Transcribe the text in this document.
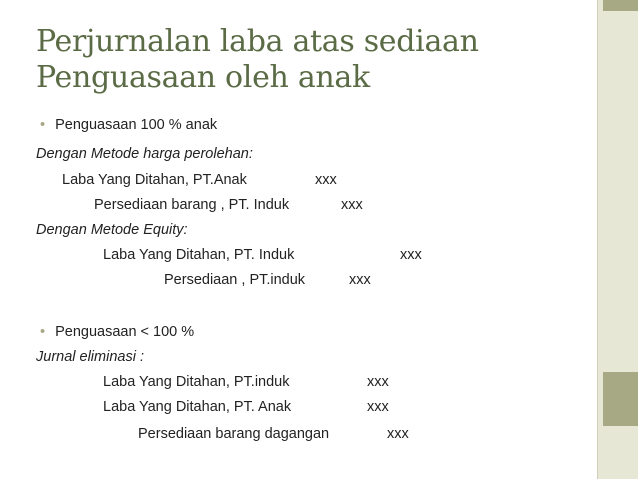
Perjurnalan laba atas sediaan
Penguasaan oleh anak
• Penguasaan 100 % anak
Dengan Metode harga perolehan:
Laba Yang Ditahan, PT.Anak	xxx
Persediaan barang , PT. Induk	xxx
Dengan Metode Equity:
Laba Yang Ditahan, PT. Induk	xxx
Persediaan , PT.induk	xxx
• Penguasaan < 100 %
Jurnal eliminasi :
Laba Yang Ditahan, PT.induk	xxx
Laba Yang Ditahan, PT. Anak	xxx
Persediaan barang dagangan	xxx
